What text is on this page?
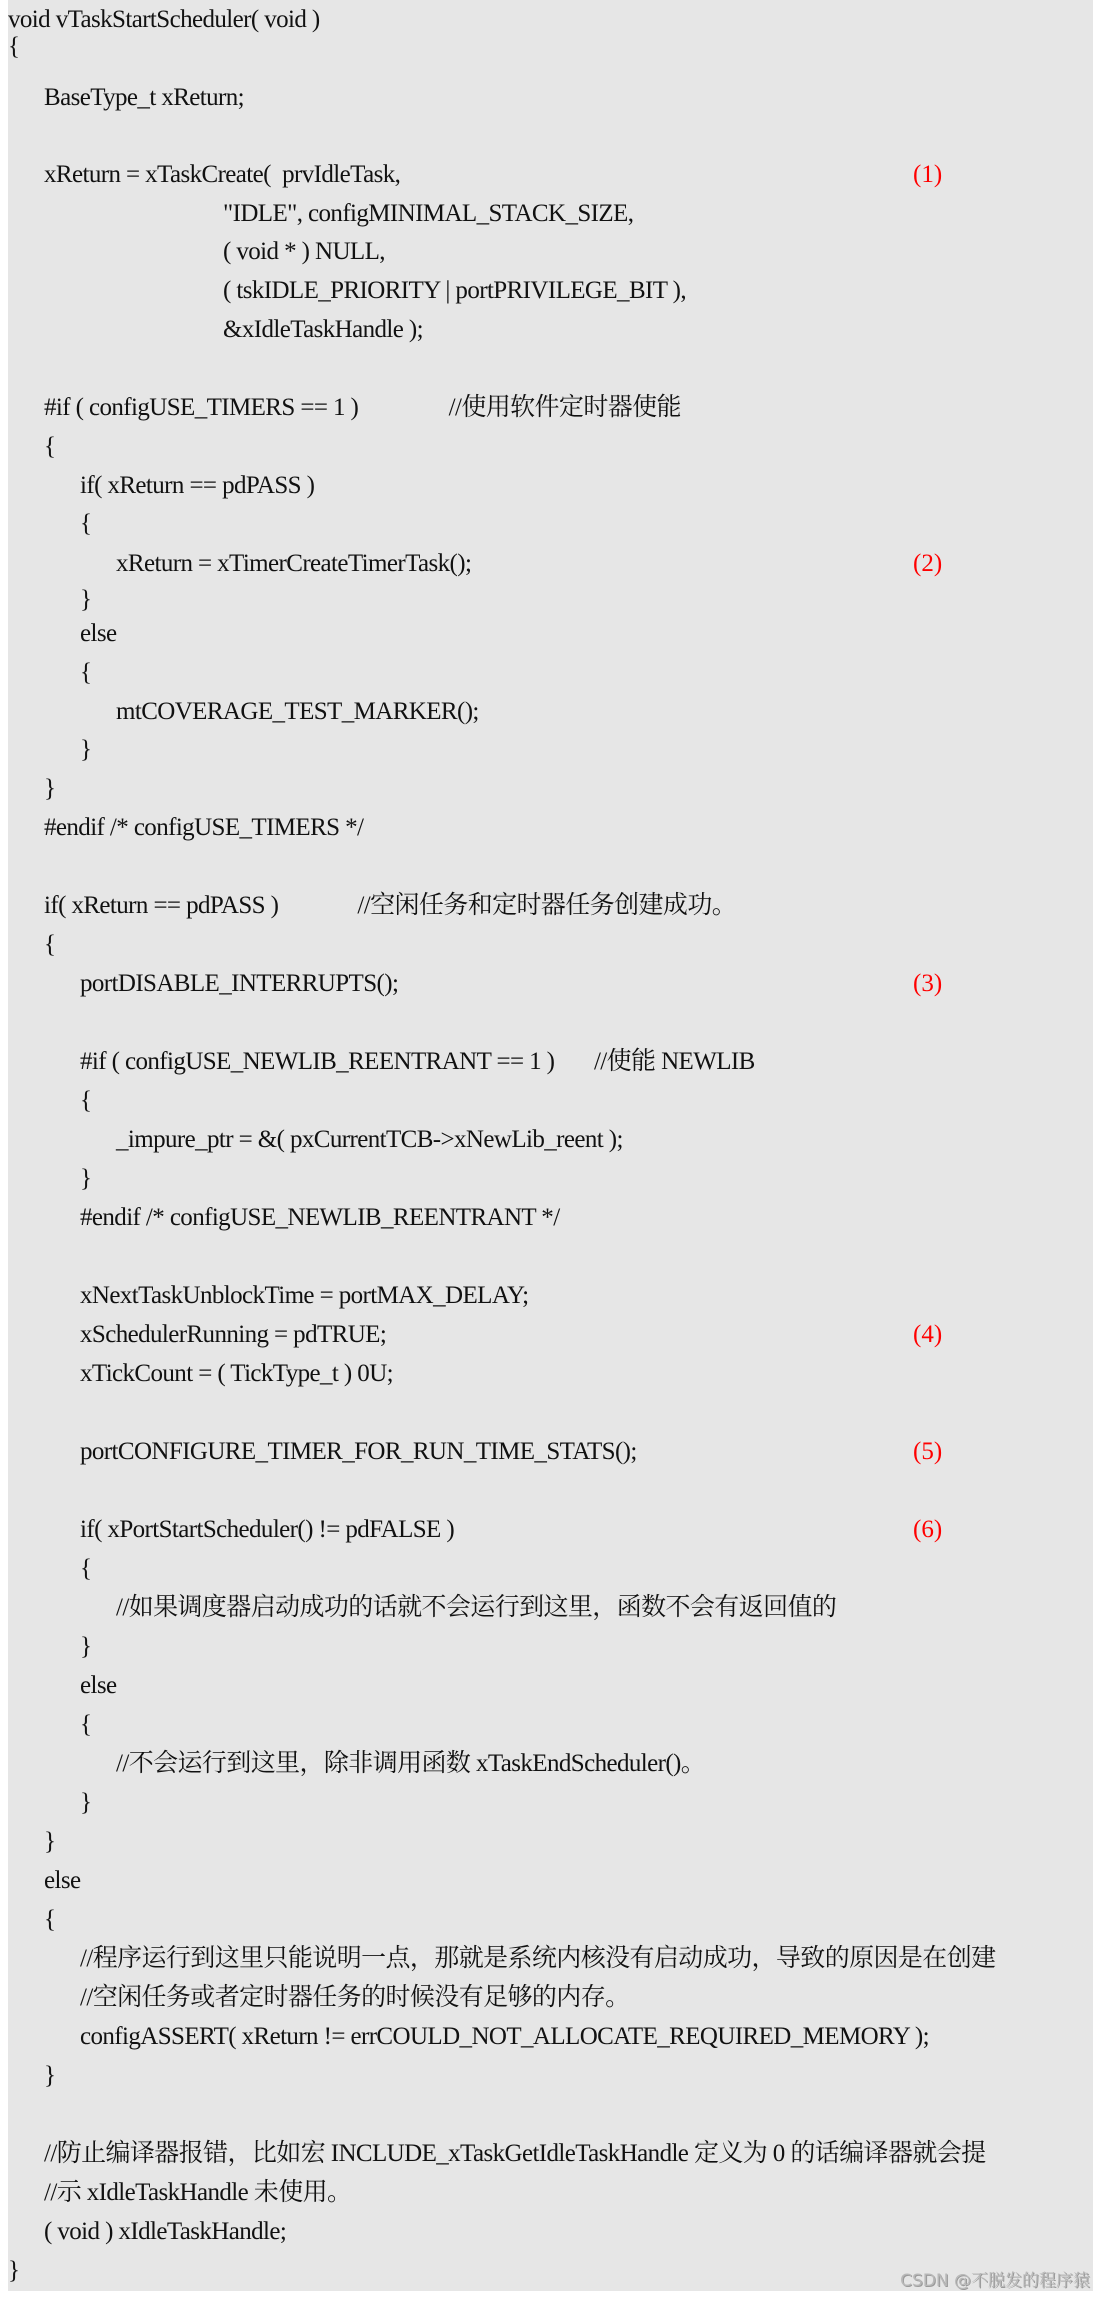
void vTaskStartScheduler( void )
{
BaseType_t xReturn;
xReturn = xTaskCreate(  prvIdleTask,
"IDLE", configMINIMAL_STACK_SIZE,
( void * ) NULL,
( tskIDLE_PRIORITY | portPRIVILEGE_BIT ),
&xIdleTaskHandle );
#if ( configUSE_TIMERS == 1 )                //使用软件定时器使能
{
if( xReturn == pdPASS )
{
xReturn = xTimerCreateTimerTask();
}
else
{
mtCOVERAGE_TEST_MARKER();
}
}
#endif /* configUSE_TIMERS */
if( xReturn == pdPASS )              //空闲任务和定时器任务创建成功。
{
portDISABLE_INTERRUPTS();
#if ( configUSE_NEWLIB_REENTRANT == 1 )       //使能 NEWLIB
{
_impure_ptr = &( pxCurrentTCB->xNewLib_reent );
}
#endif /* configUSE_NEWLIB_REENTRANT */
xNextTaskUnblockTime = portMAX_DELAY;
xSchedulerRunning = pdTRUE;
xTickCount = ( TickType_t ) 0U;
portCONFIGURE_TIMER_FOR_RUN_TIME_STATS();
if( xPortStartScheduler() != pdFALSE )
{
//如果调度器启动成功的话就不会运行到这里，函数不会有返回值的
}
else
{
//不会运行到这里，除非调用函数 xTaskEndScheduler()。
}
}
else
{
//程序运行到这里只能说明一点，那就是系统内核没有启动成功，导致的原因是在创建
//空闲任务或者定时器任务的时候没有足够的内存。
configASSERT( xReturn != errCOULD_NOT_ALLOCATE_REQUIRED_MEMORY );
}
//防止编译器报错，比如宏 INCLUDE_xTaskGetIdleTaskHandle 定义为 0 的话编译器就会提
//示 xIdleTaskHandle 未使用。
( void ) xIdleTaskHandle;
}
(1)
(2)
(3)
(4)
(5)
(6)
CSDN @不脱发的程序猿
